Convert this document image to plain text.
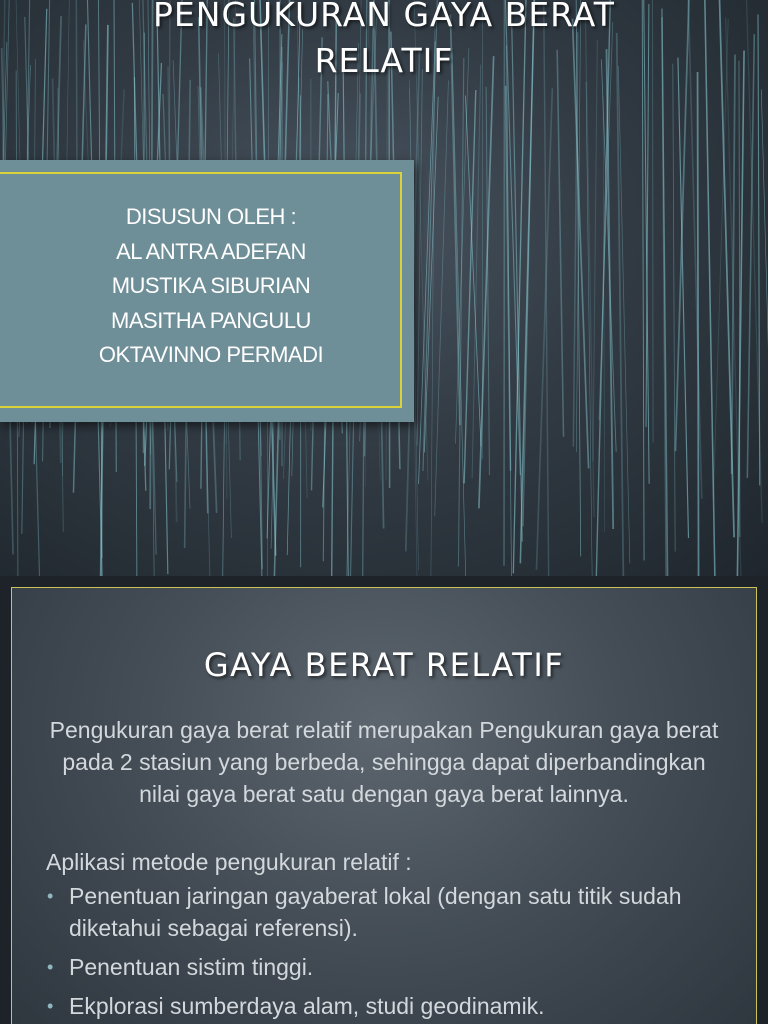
PENGUKURAN GAYA BERAT
RELATIF
DISUSUN OLEH :
AL ANTRA ADEFAN
MUSTIKA SIBURIAN
MASITHA PANGULU
OKTAVINNO PERMADI
GAYA BERAT RELATIF

Pengukuran gaya berat relatif merupakan Pengukuran gaya berat pada 2 stasiun yang berbeda, sehingga dapat diperbandingkan nilai gaya berat satu dengan gaya berat lainnya.

Aplikasi metode pengukuran relatif :

• Penentuan jaringan gayaberat lokal (dengan satu titik sudah diketahui sebagai referensi).
• Penentuan sistim tinggi.
• Ekplorasi sumberdaya alam, studi geodinamik.
